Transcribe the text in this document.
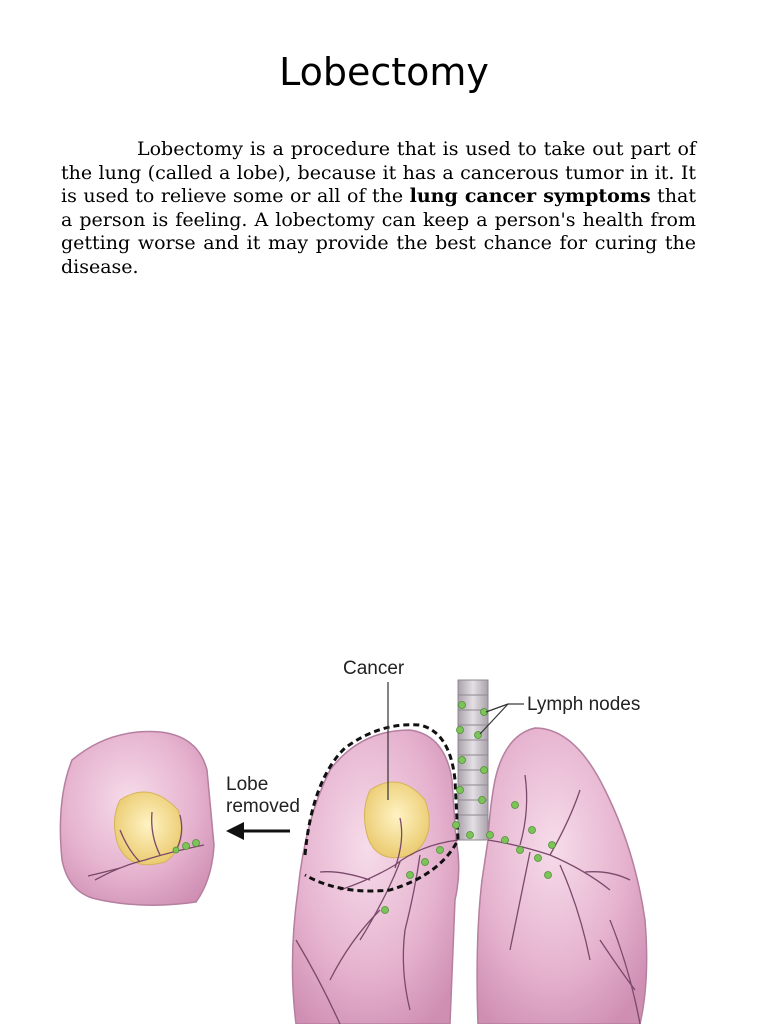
Lobectomy

Lobectomy is a procedure that is used to take out part of the lung (called a lobe), because it has a cancerous tumor in it. It is used to relieve some or all of the lung cancer symptoms that a person is feeling. A lobectomy can keep a person's health from getting worse and it may provide the best chance for curing the disease.

Lobe
removed
Cancer
Lymph nodes
